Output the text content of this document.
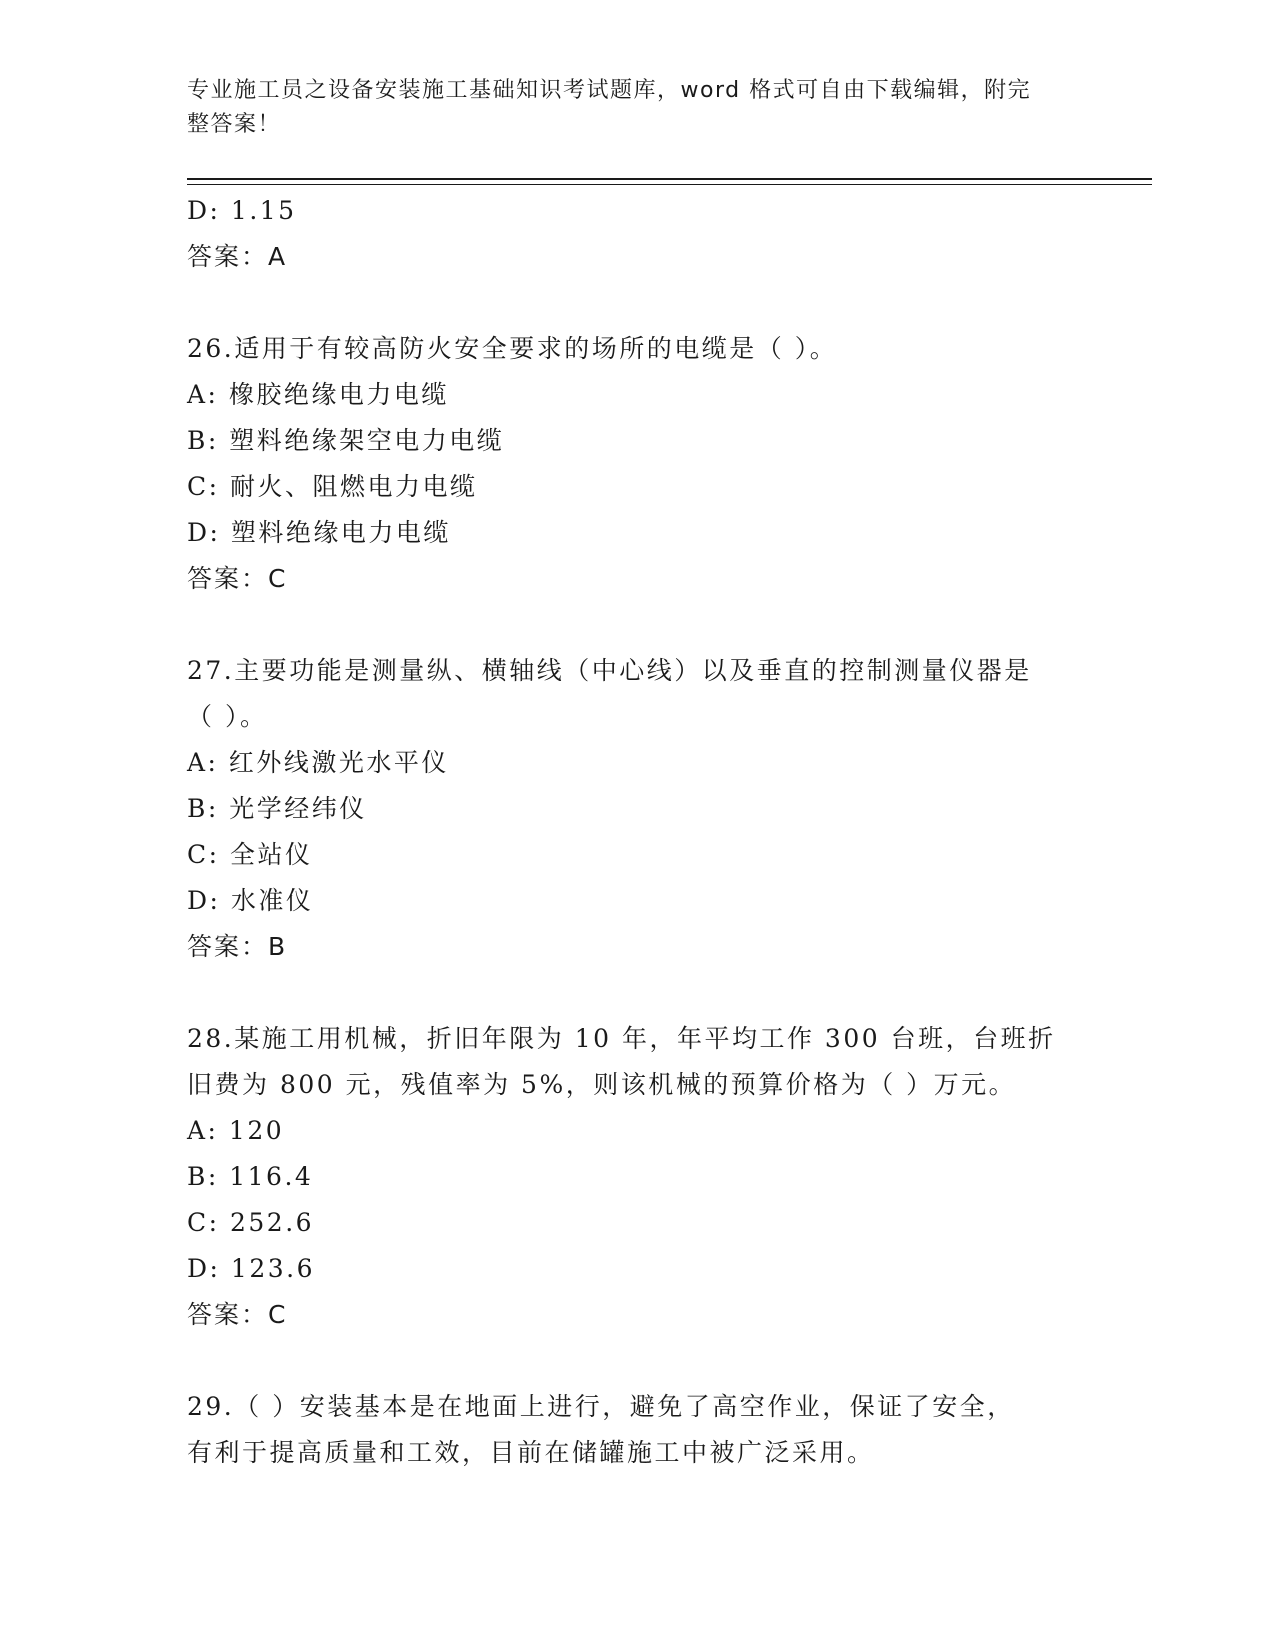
专业施工员之设备安装施工基础知识考试题库，word 格式可自由下载编辑，附完
整答案！
D: 1.15
答案：A
26.适用于有较高防火安全要求的场所的电缆是（ ）。
A: 橡胶绝缘电力电缆
B: 塑料绝缘架空电力电缆
C: 耐火、阻燃电力电缆
D: 塑料绝缘电力电缆
答案：C
27.主要功能是测量纵、横轴线（中心线）以及垂直的控制测量仪器是
（ ）。
A: 红外线激光水平仪
B: 光学经纬仪
C: 全站仪
D: 水准仪
答案：B
28.某施工用机械，折旧年限为 10 年，年平均工作 300 台班，台班折
旧费为 800 元，残值率为 5%，则该机械的预算价格为（ ）万元。
A: 120
B: 116.4
C: 252.6
D: 123.6
答案：C
29.（ ）安装基本是在地面上进行，避免了高空作业，保证了安全，
有利于提高质量和工效，目前在储罐施工中被广泛采用。
